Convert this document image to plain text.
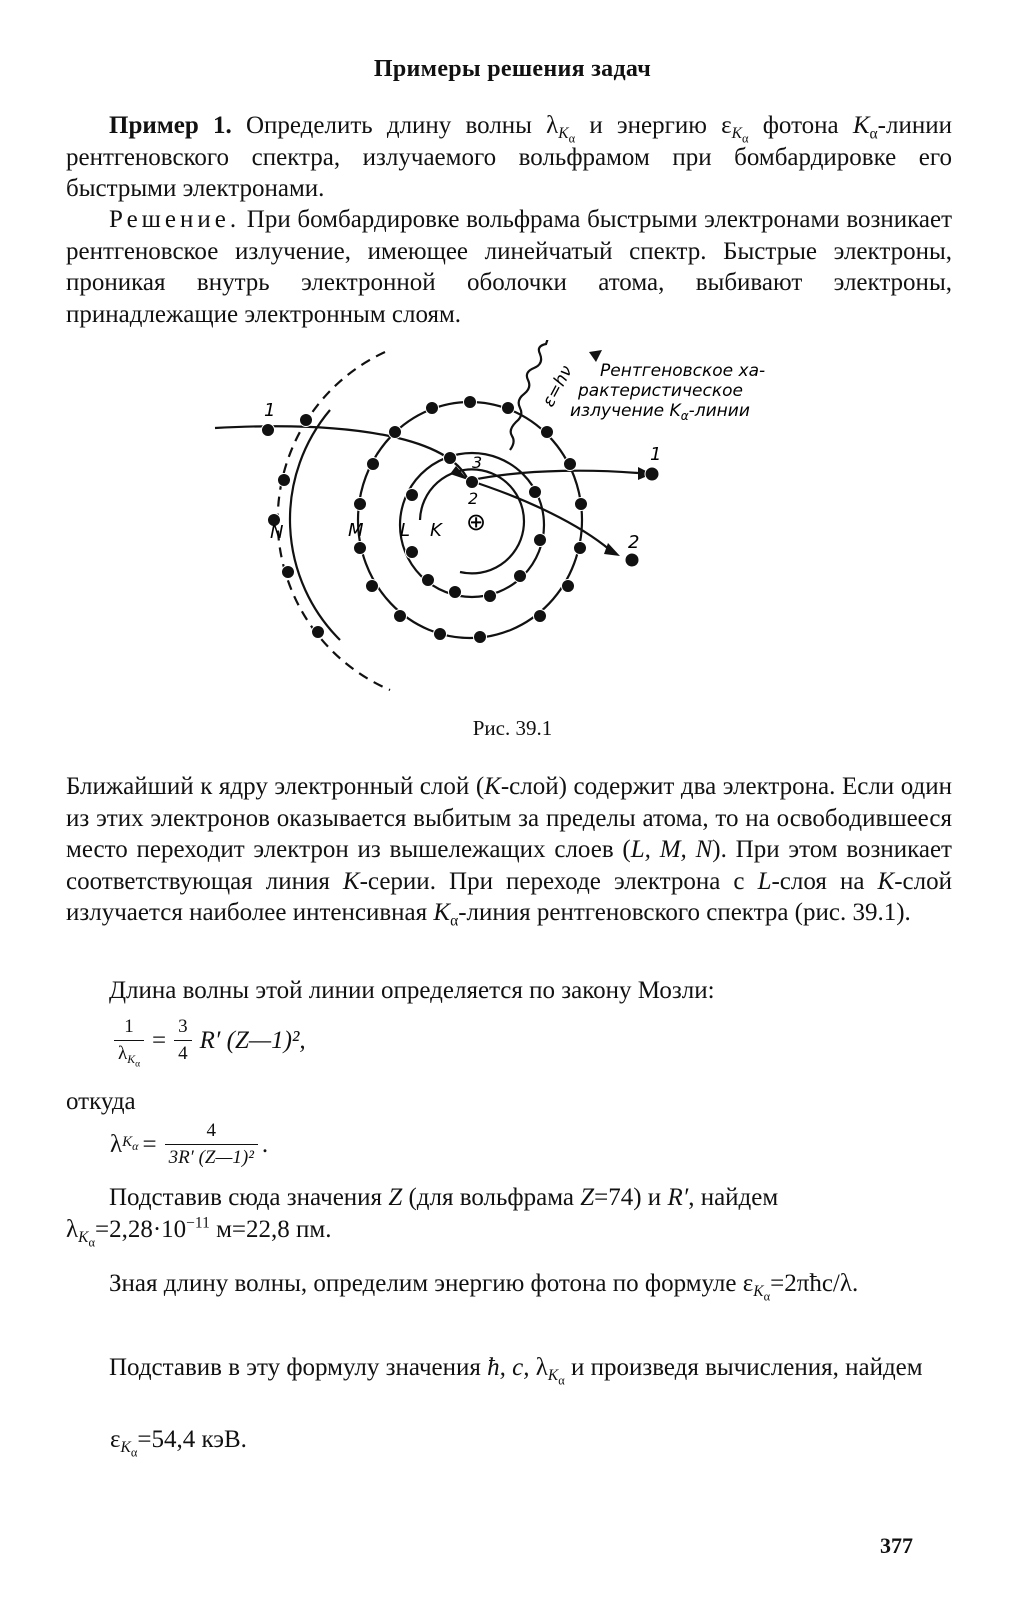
Примеры решения задач

Пример 1. Определить длину волны $\lambda_{K_\alpha}$ и энергию $\varepsilon_{K_\alpha}$ фотона $K_\alpha$-линии рентгеновского спектра, излучаемого вольфрамом при бомбардировке его быстрыми электронами.

Решение. При бомбардировке вольфрама быстрыми электронами возникает рентгеновское излучение, имеющее линейчатый спектр. Быстрые электроны, проникая внутрь электронной оболочки атома, выбивают электроны, принадлежащие электронным слоям.

⊕
N	M L K
1
1
2
2
3
ε=hν Рентгеновское ха-
рактеристическое
излучение $K_\alpha$-линии
Рис. 39.1

Ближайший к ядру электронный слой (K-слой) содержит два электрона. Если один из этих электронов оказывается выбитым за пределы атома, то на освободившееся место переходит электрон из вышележащих слоев (L, M, N). При этом возникает соответствующая линия K-серии. При переходе электрона с L-слоя на K-слой излучается наиболее интенсивная $K_\alpha$-линия рентгеновского спектра (рис. 39.1).

Длина волны этой линии определяется по закону Мозли:

$\frac{1}{\lambda_{K_\alpha}} = \frac{3}{4} R'$ (Z—1)²,

откуда

λ $K_\alpha = \frac{4}{\text{3R′ (Z—1)²}}$ .

Подставив сюда значения Z (для вольфрама Z=74) и R′, найдем
$\lambda_{K_\alpha}=2,28\cdot 10^{-11}$ м=22,8 пм.

Зная длину волны, определим энергию фотона по формуле $\varepsilon_{K_\alpha}=2\pi ħc/\lambda$.

Подставив в эту формулу значения ħ, c, $\lambda_{K_\alpha}$ и произведя вычисления, найдем

$\varepsilon_{K_\alpha}=54,4$ кэВ.

377
